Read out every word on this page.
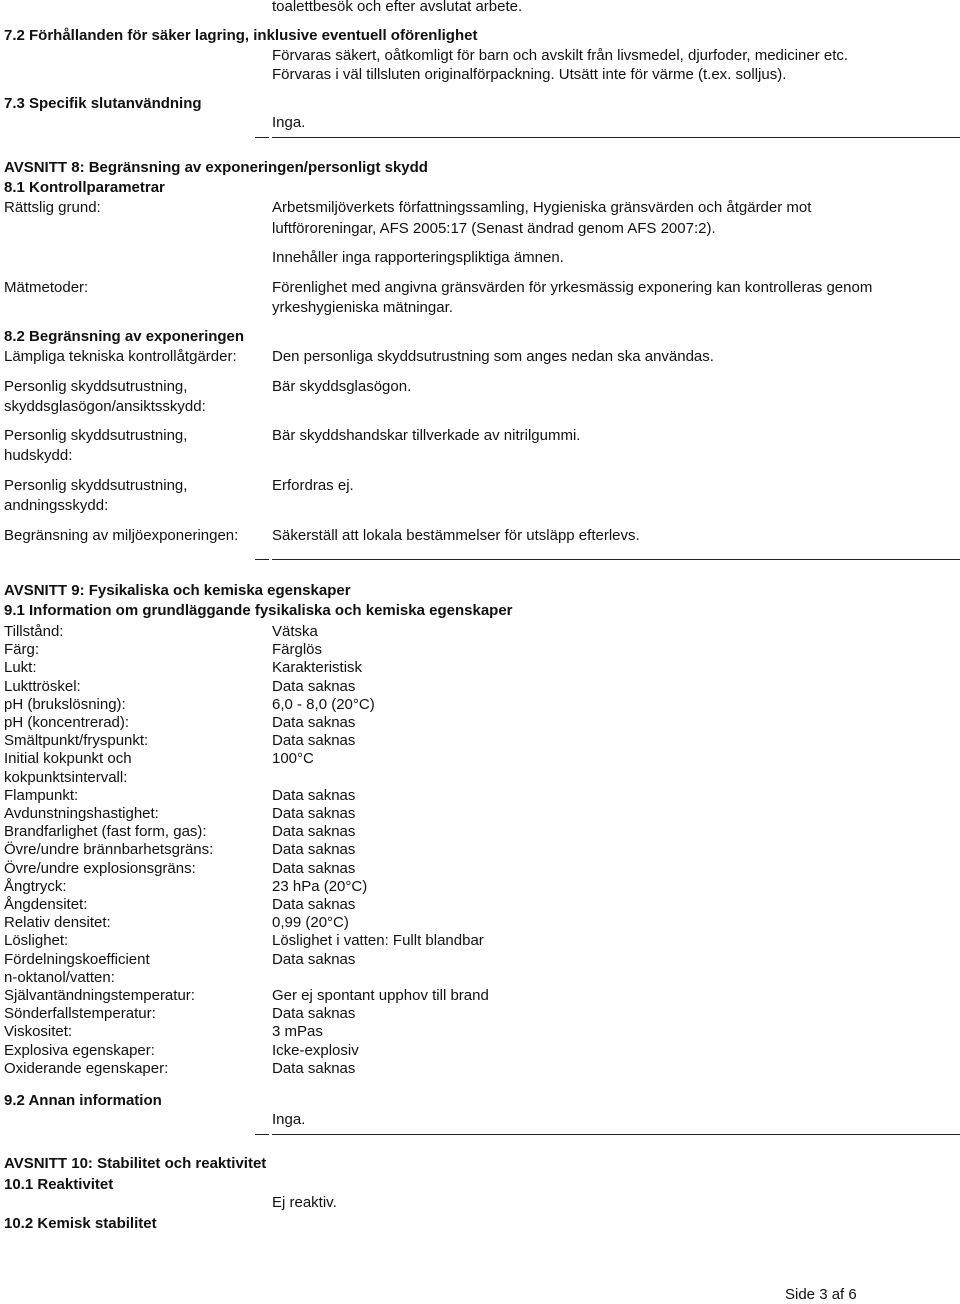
toalettbesök och efter avslutat arbete.
7.2 Förhållanden för säker lagring, inklusive eventuell oförenlighet
Förvaras säkert, oåtkomligt för barn och avskilt från livsmedel, djurfoder, mediciner etc.
Förvaras i väl tillsluten originalförpackning. Utsätt inte för värme (t.ex. solljus).
7.3 Specifik slutanvändning
Inga.
AVSNITT 8: Begränsning av exponeringen/personligt skydd
8.1 Kontrollparametrar
Rättslig grund:	Arbetsmiljöverkets författningssamling, Hygieniska gränsvärden och åtgärder mot
luftföroreningar, AFS 2005:17 (Senast ändrad genom AFS 2007:2).
Innehåller inga rapporteringspliktiga ämnen.
Mätmetoder:	Förenlighet med angivna gränsvärden för yrkesmässig exponering kan kontrolleras genom
yrkeshygieniska mätningar.
8.2 Begränsning av exponeringen
Lämpliga tekniska kontrollåtgärder: Den personliga skyddsutrustning som anges nedan ska användas.
Personlig skyddsutrustning,
skyddsglasögon/ansiktsskydd:
Bär skyddsglasögon.
Personlig skyddsutrustning,
hudskydd:
Bär skyddshandskar tillverkade av nitrilgummi.
Personlig skyddsutrustning,
andningsskydd:
Erfordras ej.
Begränsning av miljöexponeringen: Säkerställ att lokala bestämmelser för utsläpp efterlevs.
AVSNITT 9: Fysikaliska och kemiska egenskaper
9.1 Information om grundläggande fysikaliska och kemiska egenskaper
Tillstånd:	Vätska
Färg:	Färglös
Lukt:	Karakteristisk
Lukttröskel:	Data saknas
pH (brukslösning):	6,0 - 8,0 (20°C)
pH (koncentrerad):	Data saknas
Smältpunkt/fryspunkt:	Data saknas
Initial kokpunkt och	100°C
kokpunktsintervall:
Flampunkt:	Data saknas
Avdunstningshastighet:	Data saknas
Brandfarlighet (fast form, gas):	Data saknas
Övre/undre brännbarhetsgräns:	Data saknas
Övre/undre explosionsgräns:	Data saknas
Ångtryck:	23 hPa (20°C)
Ångdensitet:	Data saknas
Relativ densitet:	0,99 (20°C)
Löslighet:	Löslighet i vatten: Fullt blandbar
Fördelningskoefficient	Data saknas
n-oktanol/vatten:
Självantändningstemperatur:	Ger ej spontant upphov till brand
Sönderfallstemperatur:	Data saknas
Viskositet:	3 mPas
Explosiva egenskaper:	Icke-explosiv
Oxiderande egenskaper:	Data saknas
9.2 Annan information
Inga.
AVSNITT 10: Stabilitet och reaktivitet
10.1 Reaktivitet
Ej reaktiv.
10.2 Kemisk stabilitet
Side 3 af 6
